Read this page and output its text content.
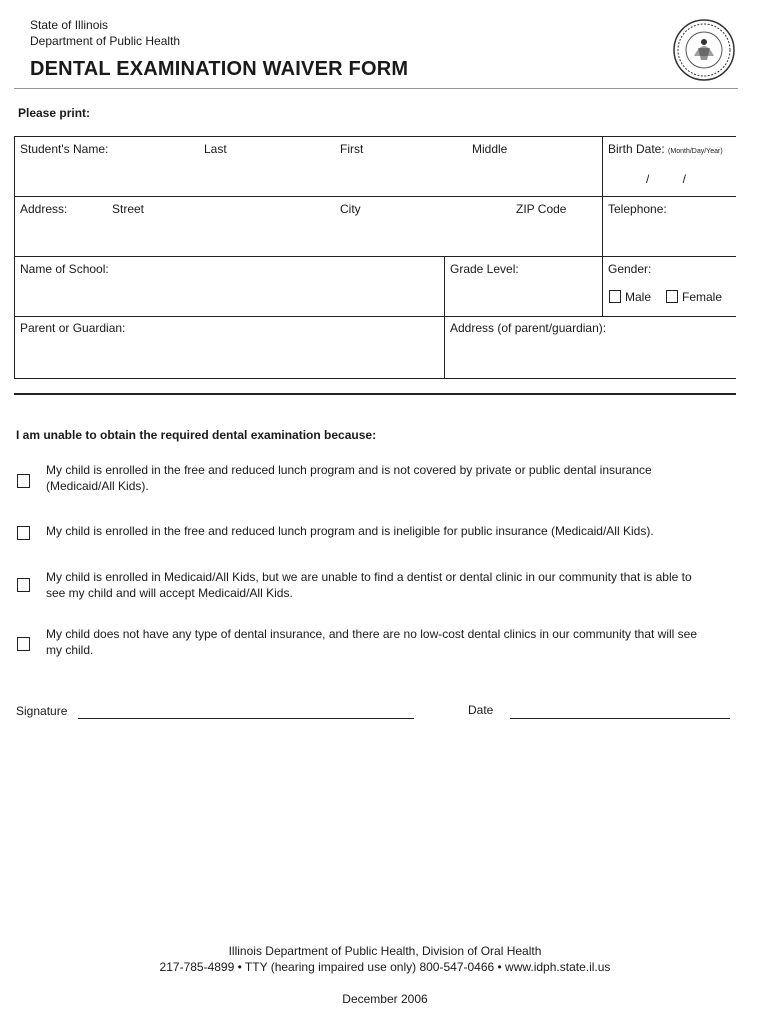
State of Illinois
Department of Public Health
DENTAL EXAMINATION WAIVER FORM
Please print:
Student's Name:	Last	First	Middle	Birth Date: (Month/Day/Year)
/          /
Address:	Street	City	ZIP Code	Telephone:
Name of School:	Grade Level:	Gender:
Male	Female
Parent or Guardian:	Address (of parent/guardian):
I am unable to obtain the required dental examination because:
My child is enrolled in the free and reduced lunch program and is not covered by private or public dental insurance (Medicaid/All Kids).
My child is enrolled in the free and reduced lunch program and is ineligible for public insurance (Medicaid/All Kids).
My child is enrolled in Medicaid/All Kids, but we are unable to find a dentist or dental clinic in our community that is able to see my child and will accept Medicaid/All Kids.
My child does not have any type of dental insurance, and there are no low-cost dental clinics in our community that will see my child.
Signature	Date
Illinois Department of Public Health, Division of Oral Health
217-785-4899 • TTY (hearing impaired use only) 800-547-0466 • www.idph.state.il.us
December 2006
